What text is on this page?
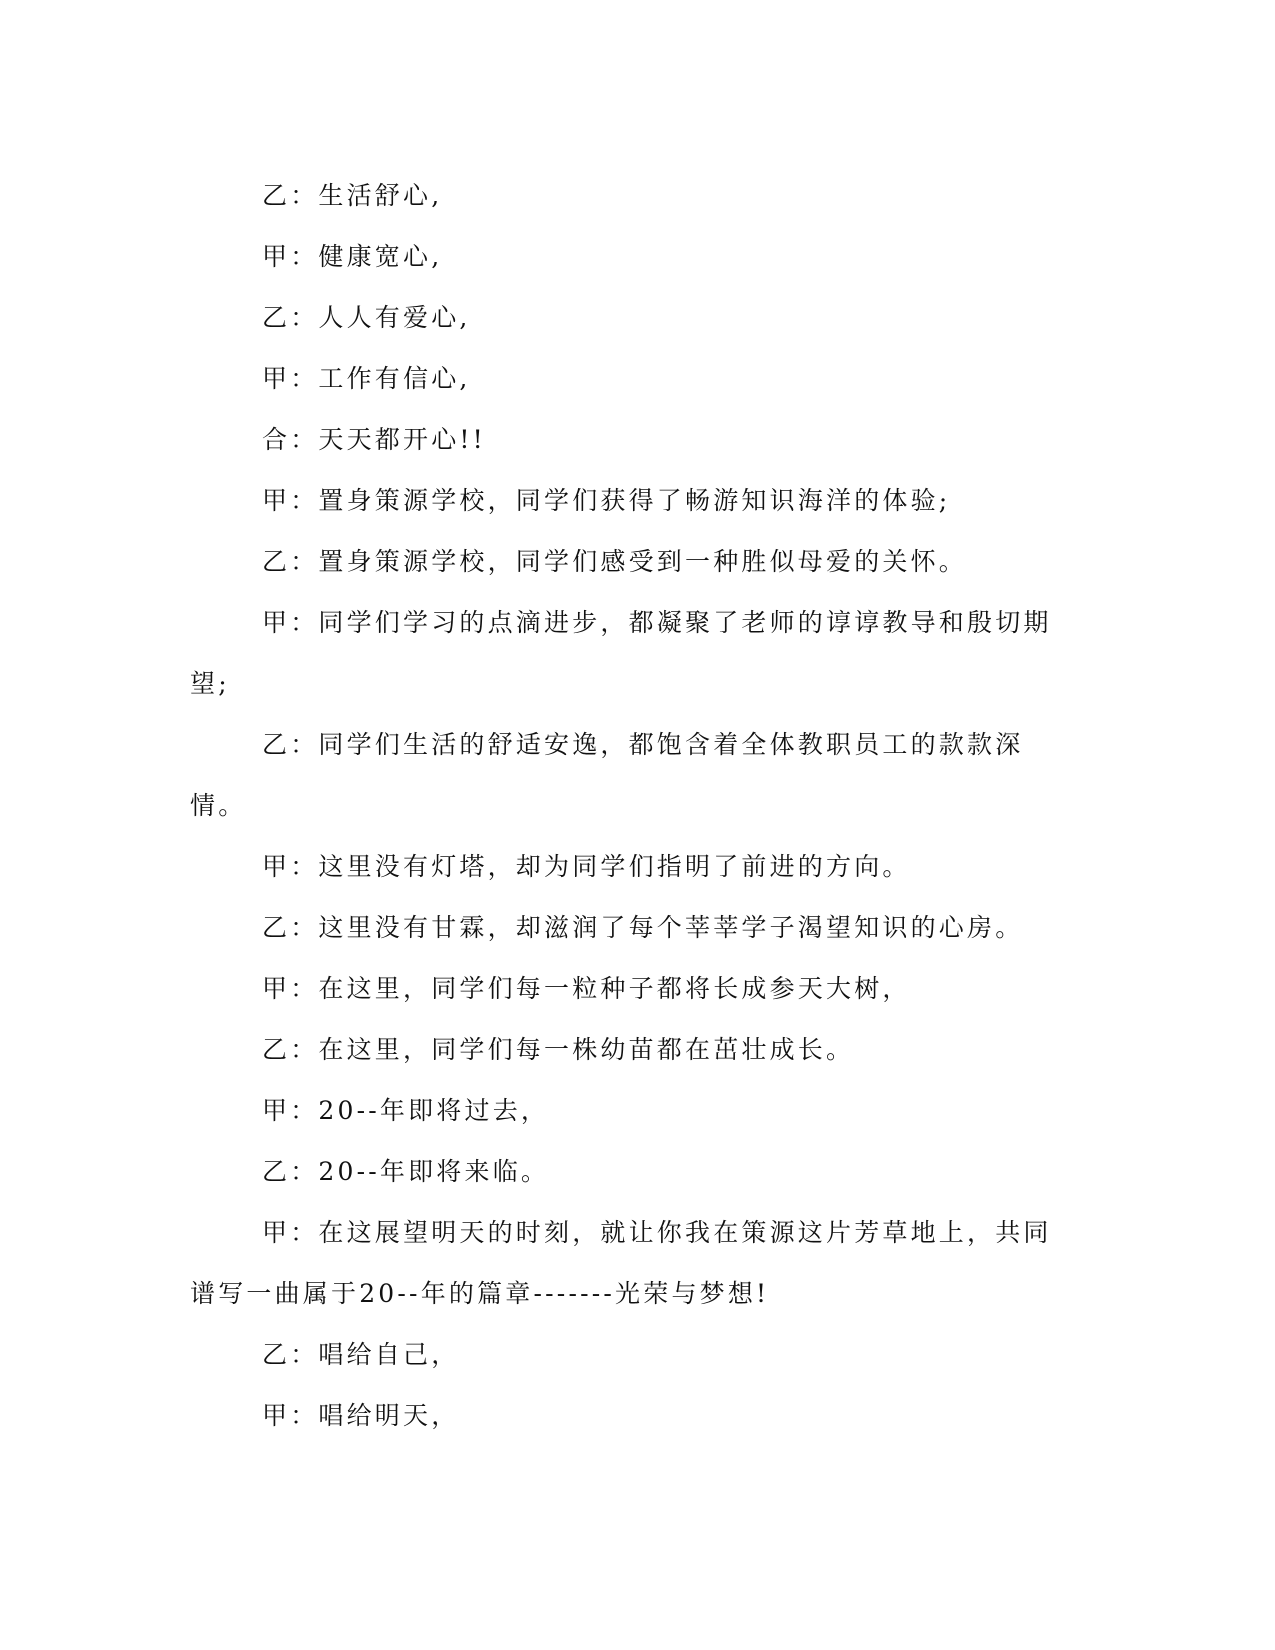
乙：生活舒心,

甲：健康宽心,

乙：人人有爱心,

甲：工作有信心,

合：天天都开心!!

甲：置身策源学校，同学们获得了畅游知识海洋的体验;

乙：置身策源学校，同学们感受到一种胜似母爱的关怀。

甲：同学们学习的点滴进步，都凝聚了老师的谆谆教导和殷切期望;

乙：同学们生活的舒适安逸，都饱含着全体教职员工的款款深情。

甲：这里没有灯塔，却为同学们指明了前进的方向。

乙：这里没有甘霖，却滋润了每个莘莘学子渴望知识的心房。

甲：在这里，同学们每一粒种子都将长成参天大树，

乙：在这里，同学们每一株幼苗都在茁壮成长。

甲：20--年即将过去，

乙：20--年即将来临。

甲：在这展望明天的时刻，就让你我在策源这片芳草地上，共同谱写一曲属于20--年的篇章-------光荣与梦想!

乙：唱给自己，

甲：唱给明天，
